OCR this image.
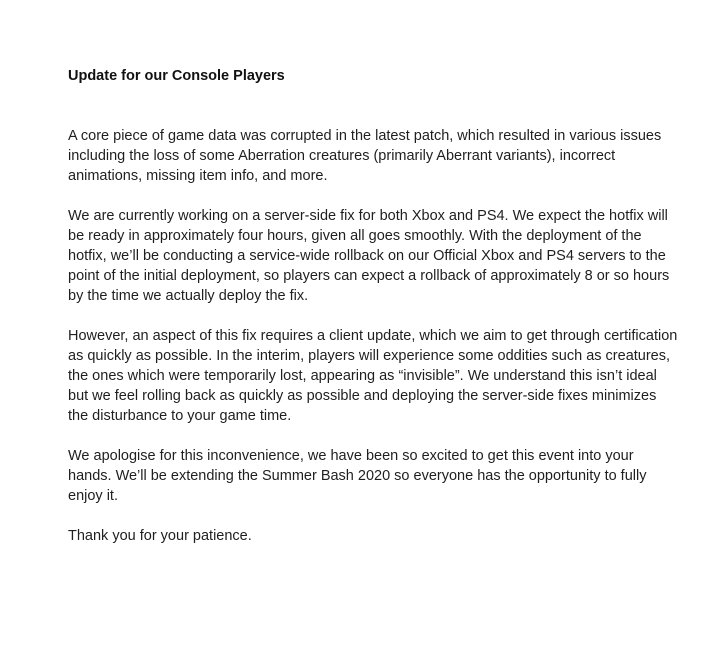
Update for our Console Players

A core piece of game data was corrupted in the latest patch, which resulted in various issues including the loss of some Aberration creatures (primarily Aberrant variants), incorrect animations, missing item info, and more.

We are currently working on a server-side fix for both Xbox and PS4. We expect the hotfix will be ready in approximately four hours, given all goes smoothly. With the deployment of the hotfix, we’ll be conducting a service-wide rollback on our Official Xbox and PS4 servers to the point of the initial deployment, so players can expect a rollback of approximately 8 or so hours by the time we actually deploy the fix.

However, an aspect of this fix requires a client update, which we aim to get through certification as quickly as possible. In the interim, players will experience some oddities such as creatures, the ones which were temporarily lost, appearing as “invisible”. We understand this isn’t ideal but we feel rolling back as quickly as possible and deploying the server-side fixes minimizes the disturbance to your game time.

We apologise for this inconvenience, we have been so excited to get this event into your hands. We’ll be extending the Summer Bash 2020 so everyone has the opportunity to fully enjoy it.

Thank you for your patience.
